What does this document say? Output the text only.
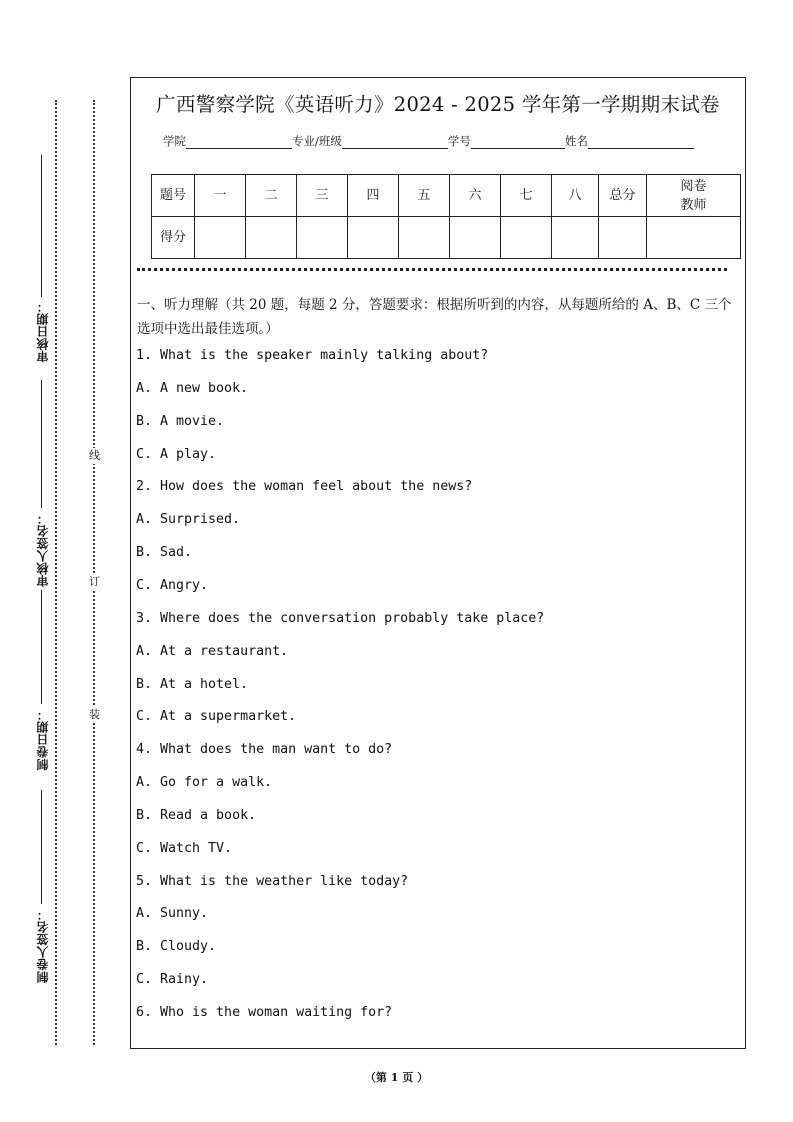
审核日期：
审核人签名：
制卷日期：
制卷人签名：
线
订
装
广西警察学院《英语听力》2024 - 2025 学年第一学期期末试卷
学院	专业/班级	学号	姓名
题号	一	二	三	四	五	六	七	八	总分	阅卷教师

得分										
一、听力理解（共 20 题，每题 2 分，答题要求：根据所听到的内容，从每题所给的 A、B、C 三个选项中选出最佳选项。）
1. What is the speaker mainly talking about?
A. A new book.
B. A movie.
C. A play.
2. How does the woman feel about the news?
A. Surprised.
B. Sad.
C. Angry.
3. Where does the conversation probably take place?
A. At a restaurant.
B. At a hotel.
C. At a supermarket.
4. What does the man want to do?
A. Go for a walk.
B. Read a book.
C. Watch TV.
5. What is the weather like today?
A. Sunny.
B. Cloudy.
C. Rainy.
6. Who is the woman waiting for?
（第 1 页 ）
